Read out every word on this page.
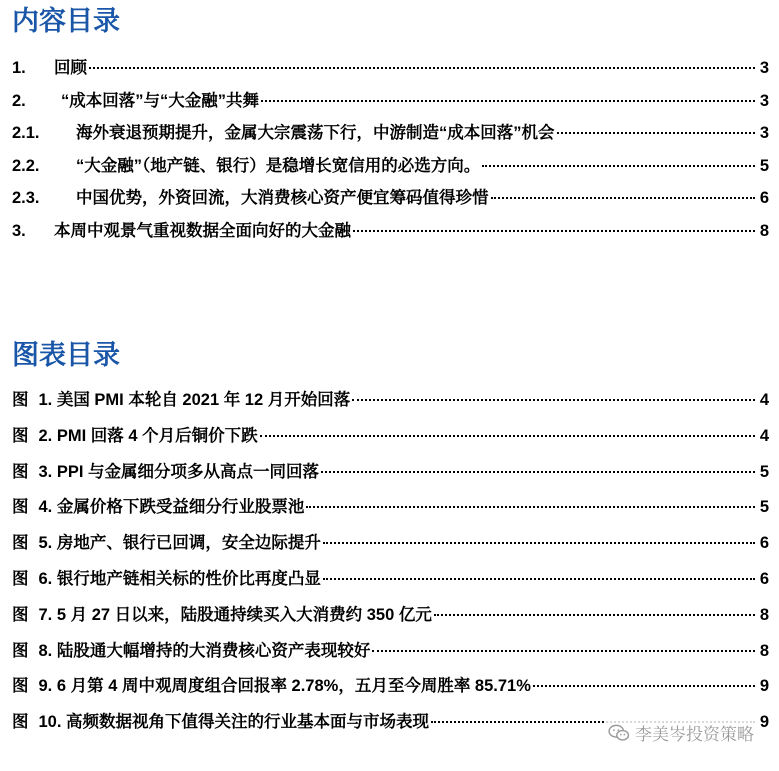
内容目录
1.	回顾	3
2.	“成本回落”与“大金融”共舞	3
2.1.	海外衰退预期提升，金属大宗震荡下行，中游制造“成本回落”机会	3
2.2.	“大金融”（地产链、银行）是稳增长宽信用的必选方向。	5
2.3.	中国优势，外资回流，大消费核心资产便宜筹码值得珍惜	6
3.	本周中观景气重视数据全面向好的大金融	8
图表目录
图 1. 美国 PMI 本轮自 2021 年 12 月开始回落	4
图 2. PMI 回落 4 个月后铜价下跌	4
图 3. PPI 与金属细分项多从高点一同回落	5
图 4. 金属价格下跌受益细分行业股票池	5
图 5. 房地产、银行已回调，安全边际提升	6
图 6. 银行地产链相关标的性价比再度凸显	6
图 7. 5 月 27 日以来，陆股通持续买入大消费约 350 亿元	8
图 8. 陆股通大幅增持的大消费核心资产表现较好	8
图 9. 6 月第 4 周中观周度组合回报率 2.78%，五月至今周胜率 85.71%	9
图 10. 高频数据视角下值得关注的行业基本面与市场表现	9
李美岑投资策略
